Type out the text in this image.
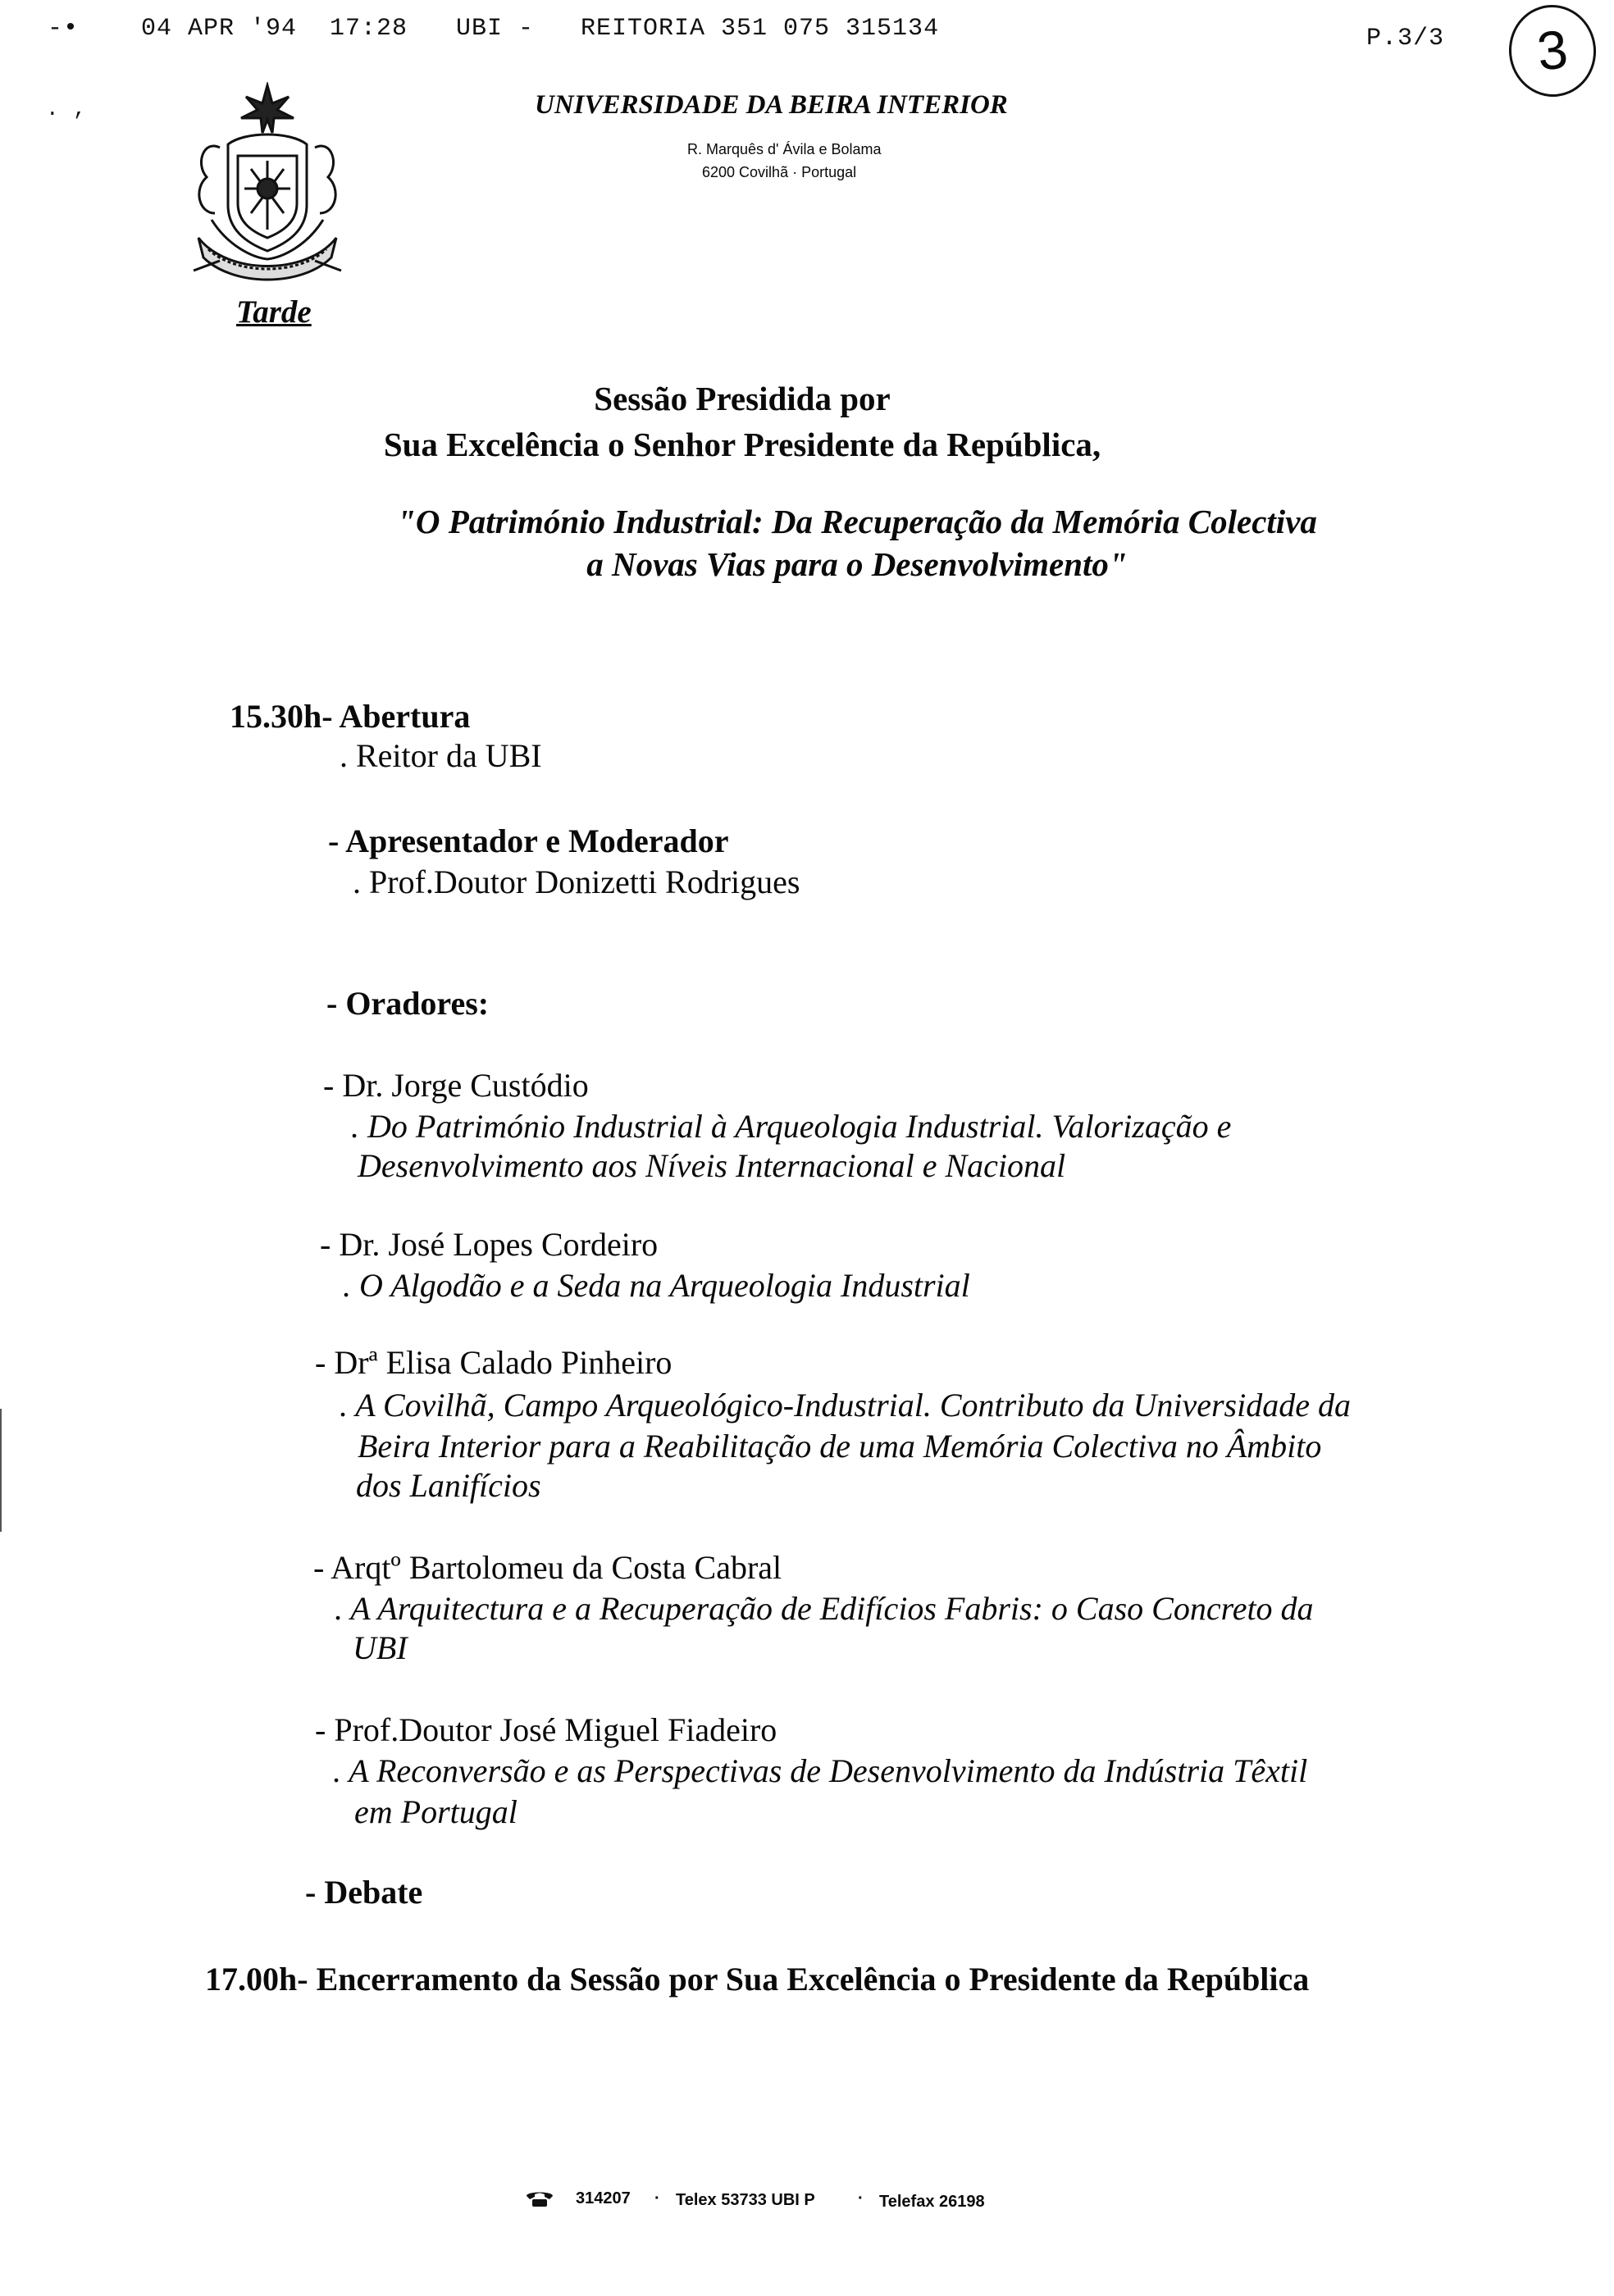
-•	04 APR '94 17:28 UBI - REITORIA 351 075 315134	P.3/3	3
. ,	UNIVERSIDADE DA BEIRA INTERIOR
R. Marquês d' Ávila e Bolama
6200 Covilhã · Portugal
Tarde
Sessão Presidida por
Sua Excelência o Senhor Presidente da República,
"O Património Industrial: Da Recuperação da Memória Colectiva
a Novas Vias para o Desenvolvimento"
15.30h- Abertura
. Reitor da UBI
- Apresentador e Moderador
. Prof.Doutor Donizetti Rodrigues
- Oradores:
- Dr. Jorge Custódio
. Do Património Industrial à Arqueologia Industrial. Valorização e
Desenvolvimento aos Níveis Internacional e Nacional
- Dr. José Lopes Cordeiro
. O Algodão e a Seda na Arqueologia Industrial
- Drª Elisa Calado Pinheiro
. A Covilhã, Campo Arqueológico-Industrial. Contributo da Universidade da
Beira Interior para a Reabilitação de uma Memória Colectiva no Âmbito
dos Lanifícios
- Arqtº Bartolomeu da Costa Cabral
. A Arquitectura e a Recuperação de Edifícios Fabris: o Caso Concreto da
UBI
- Prof.Doutor José Miguel Fiadeiro
. A Reconversão e as Perspectivas de Desenvolvimento da Indústria Têxtil
em Portugal
- Debate
17.00h- Encerramento da Sessão por Sua Excelência o Presidente da República
314207 · Telex 53733 UBI P	· Telefax 26198
